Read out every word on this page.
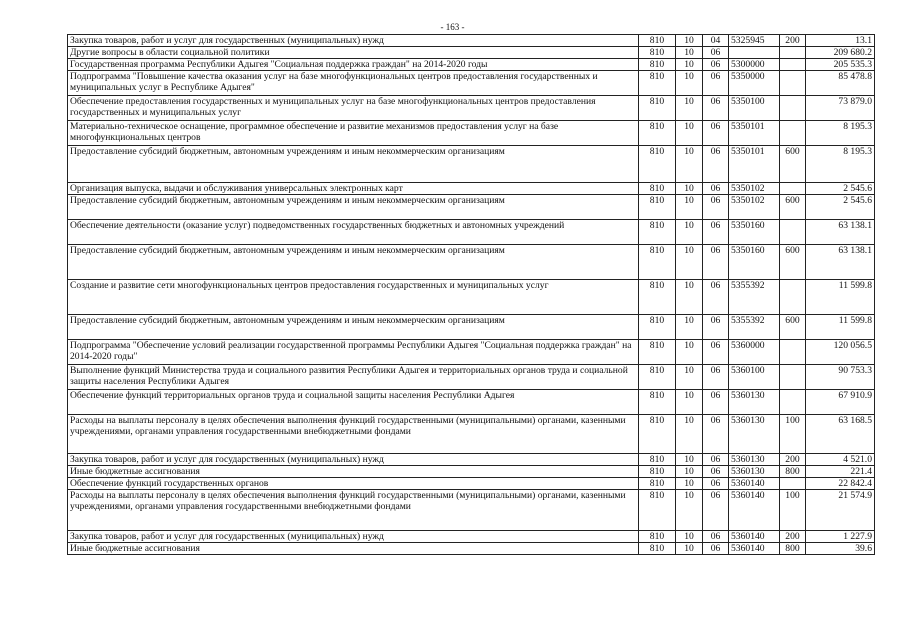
- 163 -
Закупка товаров, работ и услуг для государственных (муниципальных) нужд	810	10	04	5325945	200	13.1
Другие вопросы в области социальной политики	810	10	06			209 680.2
Государственная программа Республики Адыгея "Социальная поддержка граждан" на 2014-2020 годы	810	10	06	5300000		205 535.3
Подпрограмма "Повышение качества оказания услуг на базе многофункциональных центров предоставления государственных и муниципальных услуг в Республике Адыгея"	810	10	06	5350000		85 478.8
Обеспечение предоставления государственных и муниципальных услуг на базе многофункциональных центров предоставления государственных и муниципальных услуг	810	10	06	5350100		73 879.0
Материально-техническое оснащение, программное обеспечение и развитие механизмов предоставления услуг на базе многофункциональных центров	810	10	06	5350101		8 195.3
Предоставление субсидий бюджетным, автономным учреждениям и иным некоммерческим организациям	810	10	06	5350101	600	8 195.3
Организация выпуска, выдачи и обслуживания универсальных электронных карт	810	10	06	5350102		2 545.6
Предоставление субсидий бюджетным, автономным учреждениям и иным некоммерческим организациям	810	10	06	5350102	600	2 545.6
Обеспечение деятельности (оказание услуг) подведомственных государственных бюджетных и автономных учреждений	810	10	06	5350160		63 138.1
Предоставление субсидий бюджетным, автономным учреждениям и иным некоммерческим организациям	810	10	06	5350160	600	63 138.1
Создание и развитие сети многофункциональных центров предоставления государственных и муниципальных услуг	810	10	06	5355392		11 599.8
Предоставление субсидий бюджетным, автономным учреждениям и иным некоммерческим организациям	810	10	06	5355392	600	11 599.8
Подпрограмма "Обеспечение условий реализации государственной программы Республики Адыгея "Социальная поддержка граждан" на 2014-2020 годы"	810	10	06	5360000		120 056.5
Выполнение функций Министерства труда и социального развития Республики Адыгея и территориальных органов труда и социальной защиты населения Республики Адыгея	810	10	06	5360100		90 753.3
Обеспечение функций территориальных органов труда и социальной защиты населения Республики Адыгея	810	10	06	5360130		67 910.9
Расходы на выплаты персоналу в целях обеспечения выполнения функций государственными (муниципальными) органами, казенными учреждениями, органами управления государственными внебюджетными фондами	810	10	06	5360130	100	63 168.5
Закупка товаров, работ и услуг для государственных (муниципальных) нужд	810	10	06	5360130	200	4 521.0
Иные бюджетные ассигнования	810	10	06	5360130	800	221.4
Обеспечение функций государственных органов	810	10	06	5360140		22 842.4
Расходы на выплаты персоналу в целях обеспечения выполнения функций государственными (муниципальными) органами, казенными учреждениями, органами управления государственными внебюджетными фондами	810	10	06	5360140	100	21 574.9
Закупка товаров, работ и услуг для государственных (муниципальных) нужд	810	10	06	5360140	200	1 227.9
Иные бюджетные ассигнования	810	10	06	5360140	800	39.6
